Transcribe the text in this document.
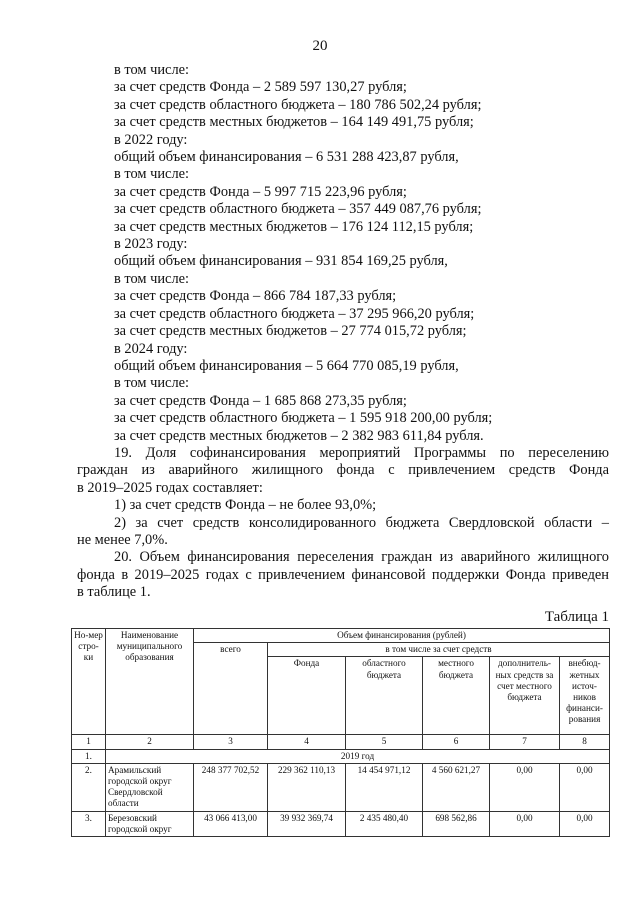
20
в том числе:
за счет средств Фонда – 2 589 597 130,27 рубля;
за счет средств областного бюджета – 180 786 502,24 рубля;
за счет средств местных бюджетов – 164 149 491,75 рубля;
в 2022 году:
общий объем финансирования – 6 531 288 423,87 рубля,
в том числе:
за счет средств Фонда – 5 997 715 223,96 рубля;
за счет средств областного бюджета – 357 449 087,76 рубля;
за счет средств местных бюджетов – 176 124 112,15 рубля;
в 2023 году:
общий объем финансирования – 931 854 169,25 рубля,
в том числе:
за счет средств Фонда – 866 784 187,33 рубля;
за счет средств областного бюджета – 37 295 966,20 рубля;
за счет средств местных бюджетов – 27 774 015,72 рубля;
в 2024 году:
общий объем финансирования – 5 664 770 085,19 рубля,
в том числе:
за счет средств Фонда – 1 685 868 273,35 рубля;
за счет средств областного бюджета – 1 595 918 200,00 рубля;
за счет средств местных бюджетов – 2 382 983 611,84 рубля.
19. Доля софинансирования мероприятий Программы по переселению
граждан из аварийного жилищного фонда с привлечением средств Фонда
в 2019–2025 годах составляет:
1) за счет средств Фонда – не более 93,0%;
2) за счет средств консолидированного бюджета Свердловской области –
не менее 7,0%.
20. Объем финансирования переселения граждан из аварийного жилищного
фонда в 2019–2025 годах с привлечением финансовой поддержки Фонда приведен
в таблице 1.
Таблица 1
Но-мер стро-ки	Наименование муниципального образования	Объем финансирования (рублей)					
		всего	в том числе за счет средств				
			Фонда	областного бюджета	местного бюджета	дополнитель-ных средств за счет местного бюджета	внебюд-жетных источ-ников финанси-рования
1	2	3	4	5	6	7	8
1.	2019 год						
2.	Арамильский городской округ Свердловской области	248 377 702,52	229 362 110,13	14 454 971,12	4 560 621,27	0,00	0,00
3.	Березовский городской округ	43 066 413,00	39 932 369,74	2 435 480,40	698 562,86	0,00	0,00
